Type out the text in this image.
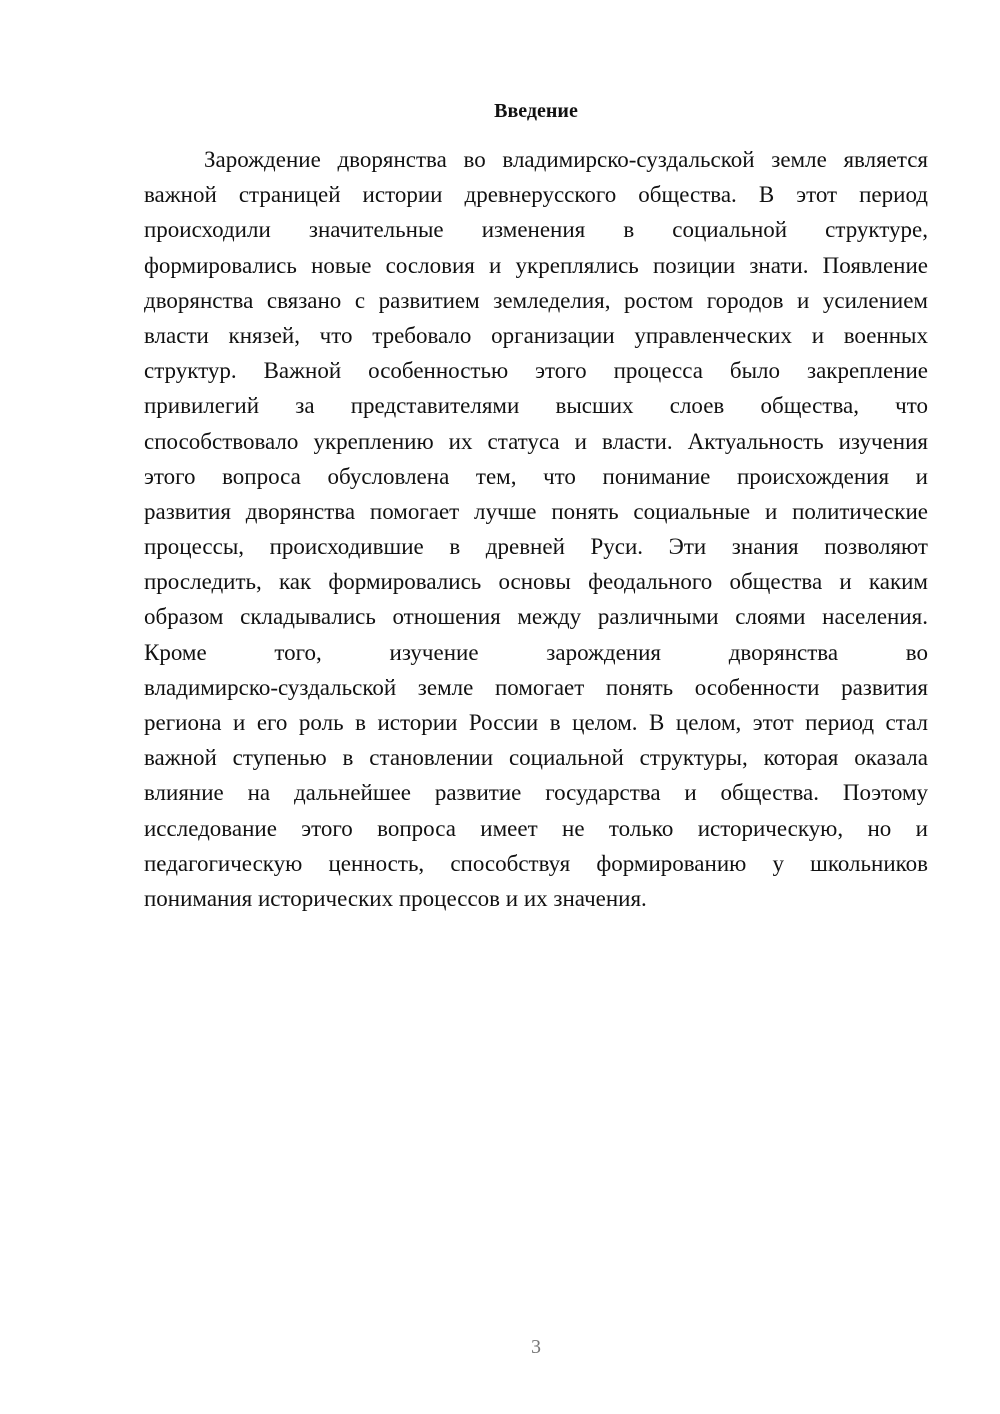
Введение
Зарождение дворянства во владимирско-суздальской земле является
важной страницей истории древнерусского общества. В этот период
происходили значительные изменения в социальной структуре,
формировались новые сословия и укреплялись позиции знати. Появление
дворянства связано с развитием земледелия, ростом городов и усилением
власти князей, что требовало организации управленческих и военных
структур. Важной особенностью этого процесса было закрепление
привилегий за представителями высших слоев общества, что
способствовало укреплению их статуса и власти. Актуальность изучения
этого вопроса обусловлена тем, что понимание происхождения и
развития дворянства помогает лучше понять социальные и политические
процессы, происходившие в древней Руси. Эти знания позволяют
проследить, как формировались основы феодального общества и каким
образом складывались отношения между различными слоями населения.
Кроме того, изучение зарождения дворянства во
владимирско-суздальской земле помогает понять особенности развития
региона и его роль в истории России в целом. В целом, этот период стал
важной ступенью в становлении социальной структуры, которая оказала
влияние на дальнейшее развитие государства и общества. Поэтому
исследование этого вопроса имеет не только историческую, но и
педагогическую ценность, способствуя формированию у школьников
понимания исторических процессов и их значения.
3
